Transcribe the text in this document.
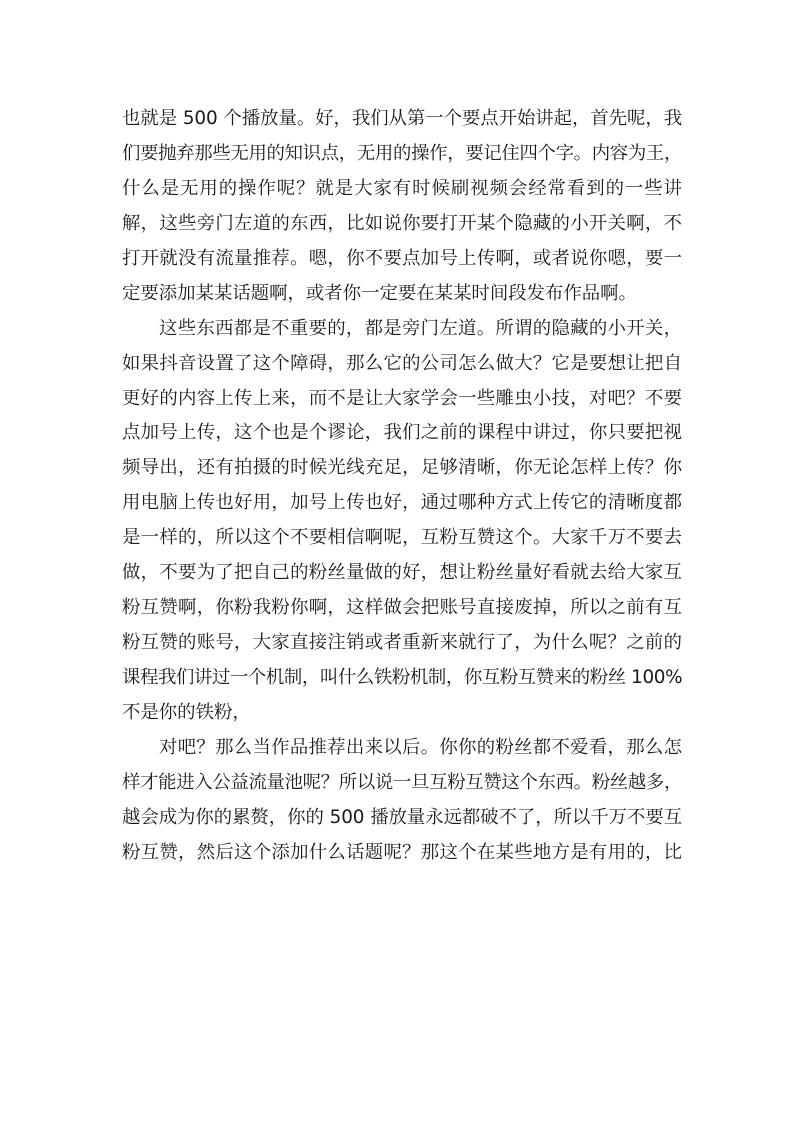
也就是 500 个播放量。好，我们从第一个要点开始讲起，首先呢，我
们要抛弃那些无用的知识点，无用的操作，要记住四个字。内容为王，
什么是无用的操作呢？就是大家有时候刷视频会经常看到的一些讲
解，这些旁门左道的东西，比如说你要打开某个隐藏的小开关啊，不
打开就没有流量推荐。嗯，你不要点加号上传啊，或者说你嗯，要一
定要添加某某话题啊，或者你一定要在某某时间段发布作品啊。
这些东西都是不重要的，都是旁门左道。所谓的隐藏的小开关，
如果抖音设置了这个障碍，那么它的公司怎么做大？它是要想让把自
更好的内容上传上来，而不是让大家学会一些雕虫小技，对吧？不要
点加号上传，这个也是个谬论，我们之前的课程中讲过，你只要把视
频导出，还有拍摄的时候光线充足，足够清晰，你无论怎样上传？你
用电脑上传也好用，加号上传也好，通过哪种方式上传它的清晰度都
是一样的，所以这个不要相信啊呢，互粉互赞这个。大家千万不要去
做，不要为了把自己的粉丝量做的好，想让粉丝量好看就去给大家互
粉互赞啊，你粉我粉你啊，这样做会把账号直接废掉，所以之前有互
粉互赞的账号，大家直接注销或者重新来就行了，为什么呢？之前的
课程我们讲过一个机制，叫什么铁粉机制，你互粉互赞来的粉丝 100%
不是你的铁粉，
对吧？那么当作品推荐出来以后。你你的粉丝都不爱看，那么怎
样才能进入公益流量池呢？所以说一旦互粉互赞这个东西。粉丝越多，
越会成为你的累赘，你的 500 播放量永远都破不了，所以千万不要互
粉互赞，然后这个添加什么话题呢？那这个在某些地方是有用的，比
